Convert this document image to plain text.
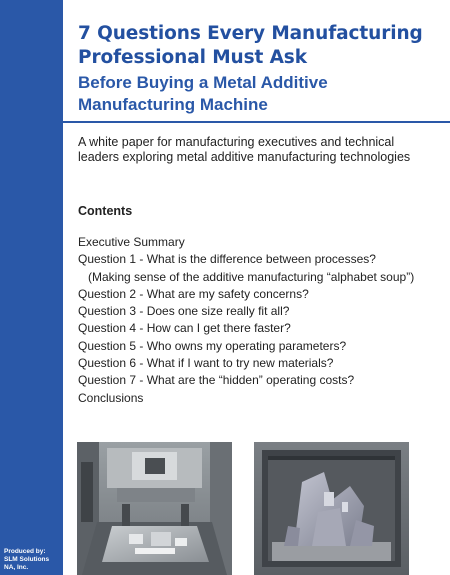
Produced by: SLM Solutions NA, Inc.
7 Questions Every Manufacturing Professional Must Ask
Before Buying a Metal Additive Manufacturing Machine

A white paper for manufacturing executives and technical leaders exploring metal additive manufacturing technologies

Contents
Executive Summary
Question 1 - What is the difference between processes?
(Making sense of the additive manufacturing “alphabet soup”)
Question 2 - What are my safety concerns?
Question 3 - Does one size really fit all?
Question 4 - How can I get there faster?
Question 5 - Who owns my operating parameters?
Question 6 - What if I want to try new materials?
Question 7 - What are the “hidden” operating costs?
Conclusions
